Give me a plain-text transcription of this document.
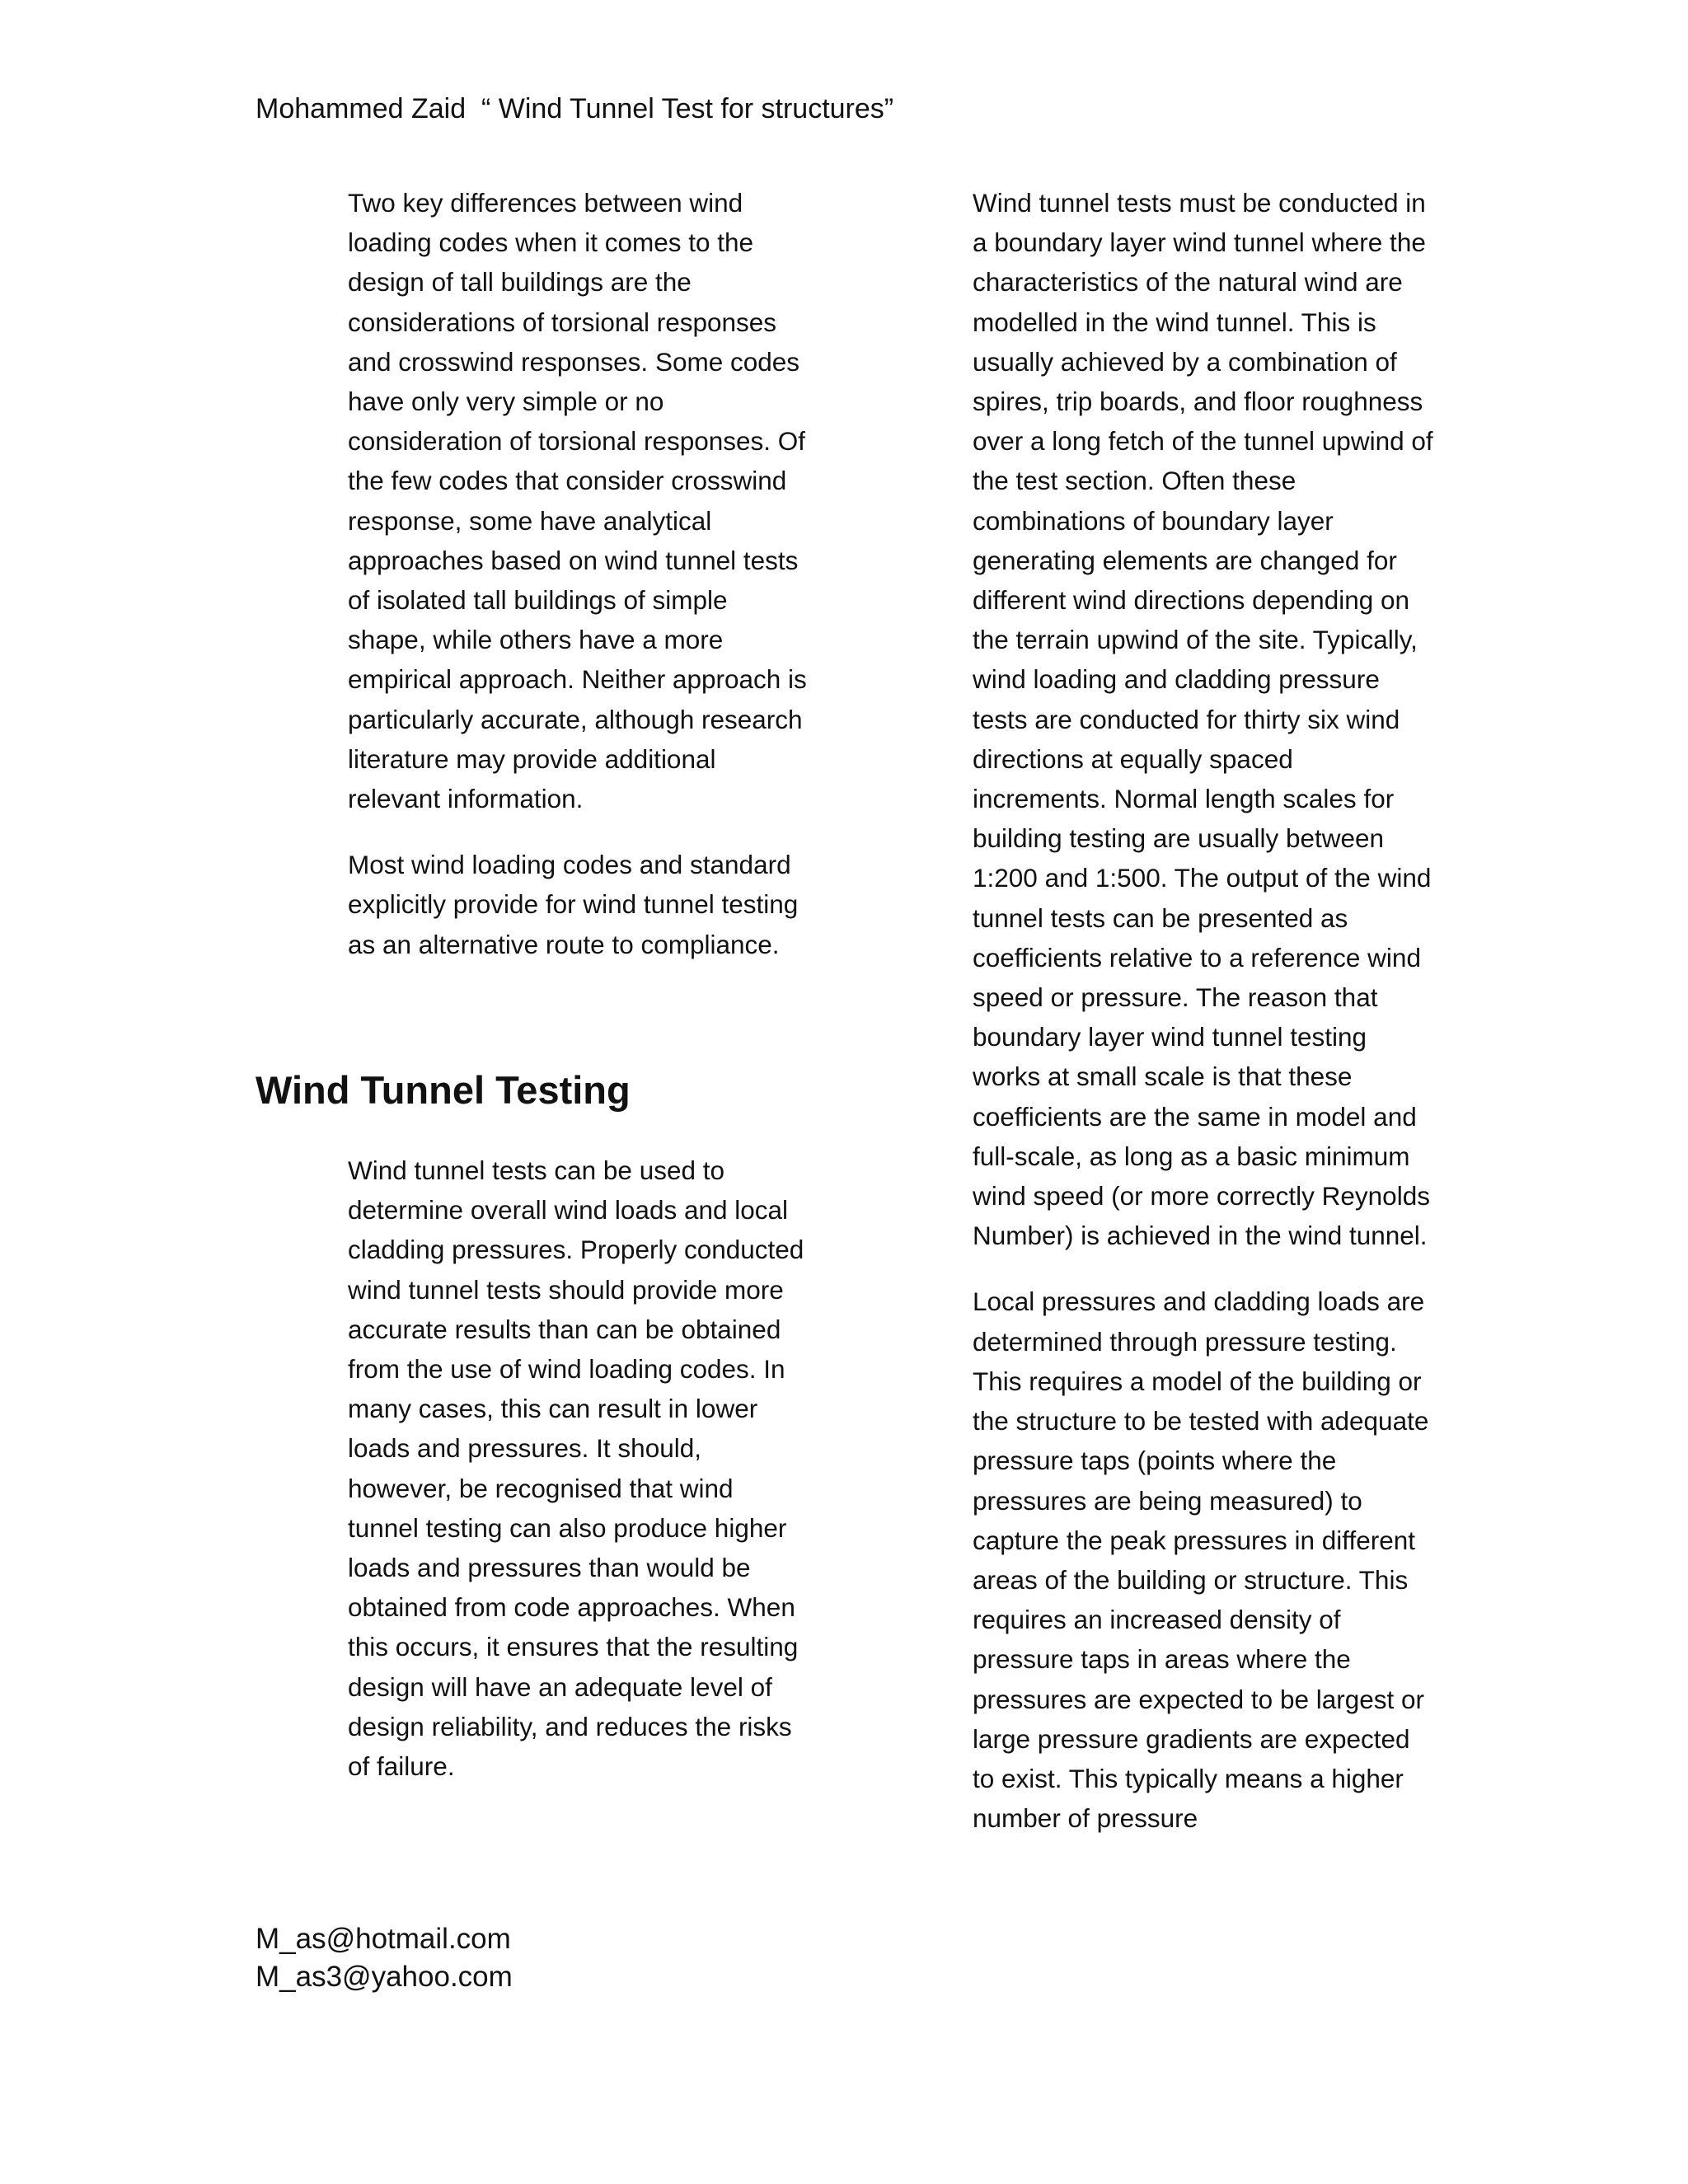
Mohammed Zaid  “ Wind Tunnel Test for structures”

Two key differences between wind loading codes when it comes to the design of tall buildings are the considerations of torsional responses and crosswind responses. Some codes have only very simple or no consideration of torsional responses. Of the few codes that consider crosswind response, some have analytical approaches based on wind tunnel tests of isolated tall buildings of simple shape, while others have a more empirical approach. Neither approach is particularly accurate, although research literature may provide additional relevant information.

Most wind loading codes and standard explicitly provide for wind tunnel testing as an alternative route to compliance.

Wind Tunnel Testing

Wind tunnel tests can be used to determine overall wind loads and local cladding pressures. Properly conducted wind tunnel tests should provide more accurate results than can be obtained from the use of wind loading codes. In many cases, this can result in lower loads and pressures. It should, however, be recognised that wind tunnel testing can also produce higher loads and pressures than would be obtained from code approaches. When this occurs, it ensures that the resulting design will have an adequate level of design reliability, and reduces the risks of failure.

Wind tunnel tests must be conducted in a boundary layer wind tunnel where the characteristics of the natural wind are modelled in the wind tunnel. This is usually achieved by a combination of spires, trip boards, and floor roughness over a long fetch of the tunnel upwind of the test section. Often these combinations of boundary layer generating elements are changed for different wind directions depending on the terrain upwind of the site. Typically, wind loading and cladding pressure tests are conducted for thirty six wind directions at equally spaced increments. Normal length scales for building testing are usually between 1:200 and 1:500. The output of the wind tunnel tests can be presented as coefficients relative to a reference wind speed or pressure. The reason that boundary layer wind tunnel testing works at small scale is that these coefficients are the same in model and full-scale, as long as a basic minimum wind speed (or more correctly Reynolds Number) is achieved in the wind tunnel.

Local pressures and cladding loads are determined through pressure testing. This requires a model of the building or the structure to be tested with adequate pressure taps (points where the pressures are being measured) to capture the peak pressures in different areas of the building or structure. This requires an increased density of pressure taps in areas where the pressures are expected to be largest or large pressure gradients are expected to exist. This typically means a higher number of pressure

M_as@hotmail.com
M_as3@yahoo.com
